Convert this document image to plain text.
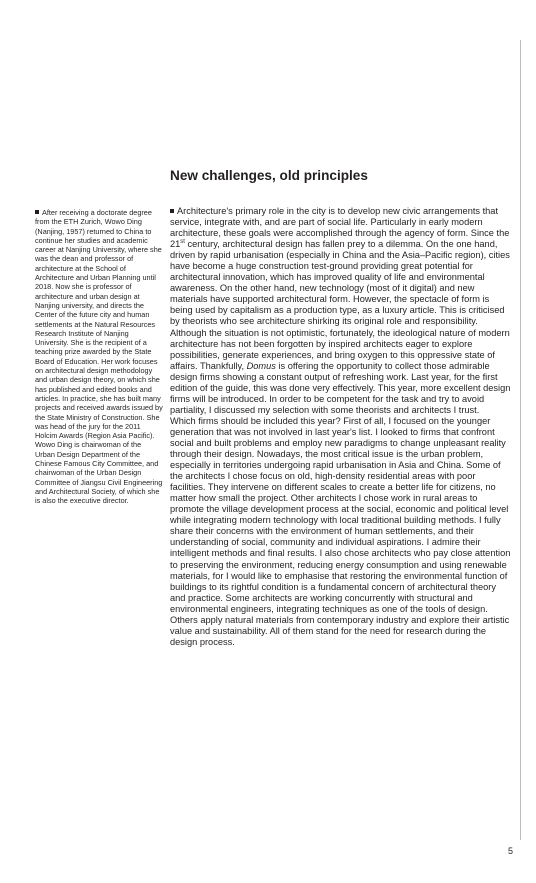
New challenges, old principles

After receiving a doctorate degree from the ETH Zurich, Wowo Ding (Nanjing, 1957) returned to China to continue her studies and academic career at Nanjing University, where she was the dean and professor of architecture at the School of Architecture and Urban Planning until 2018. Now she is professor of architecture and urban design at Nanjing university, and directs the Center of the future city and human settlements at the Natural Resources Research Institute of Nanjing University. She is the recipient of a teaching prize awarded by the State Board of Education. Her work focuses on architectural design methodology and urban design theory, on which she has published and edited books and articles. In practice, she has built many projects and received awards issued by the State Ministry of Construction. She was head of the jury for the 2011 Holcim Awards (Region Asia Pacific). Wowo Ding is chairwoman of the Urban Design Department of the Chinese Famous City Committee, and chairwoman of the Urban Design Committee of Jiangsu Civil Engineering and Architectural Society, of which she is also the executive director.

Architecture's primary role in the city is to develop new civic arrangements that service, integrate with, and are part of social life. Particularly in early modern architecture, these goals were accomplished through the agency of form. Since the 21st century, architectural design has fallen prey to a dilemma. On the one hand, driven by rapid urbanisation (especially in China and the Asia–Pacific region), cities have become a huge construction test-ground providing great potential for architectural innovation, which has improved quality of life and environmental awareness. On the other hand, new technology (most of it digital) and new materials have supported architectural form. However, the spectacle of form is being used by capitalism as a production type, as a luxury article. This is criticised by theorists who see architecture shirking its original role and responsibility.

Although the situation is not optimistic, fortunately, the ideological nature of modern architecture has not been forgotten by inspired architects eager to explore possibilities, generate experiences, and bring oxygen to this oppressive state of affairs. Thankfully, Domus is offering the opportunity to collect those admirable design firms showing a constant output of refreshing work. Last year, for the first edition of the guide, this was done very effectively. This year, more excellent design firms will be introduced. In order to be competent for the task and try to avoid partiality, I discussed my selection with some theorists and architects I trust.

Which firms should be included this year? First of all, I focused on the younger generation that was not involved in last year's list. I looked to firms that confront social and built problems and employ new paradigms to change unpleasant reality through their design. Nowadays, the most critical issue is the urban problem, especially in territories undergoing rapid urbanisation in Asia and China. Some of the architects I chose focus on old, high-density residential areas with poor facilities. They intervene on different scales to create a better life for citizens, no matter how small the project. Other architects I chose work in rural areas to promote the village development process at the social, economic and political level while integrating modern technology with local traditional building methods. I fully share their concerns with the environment of human settlements, and their understanding of social, community and individual aspirations. I admire their intelligent methods and final results. I also chose architects who pay close attention to preserving the environment, reducing energy consumption and using renewable materials, for I would like to emphasise that restoring the environmental function of buildings to its rightful condition is a fundamental concern of architectural theory and practice. Some architects are working concurrently with structural and environmental engineers, integrating techniques as one of the tools of design. Others apply natural materials from contemporary industry and explore their artistic value and sustainability. All of them stand for the need for research during the design process.

5
